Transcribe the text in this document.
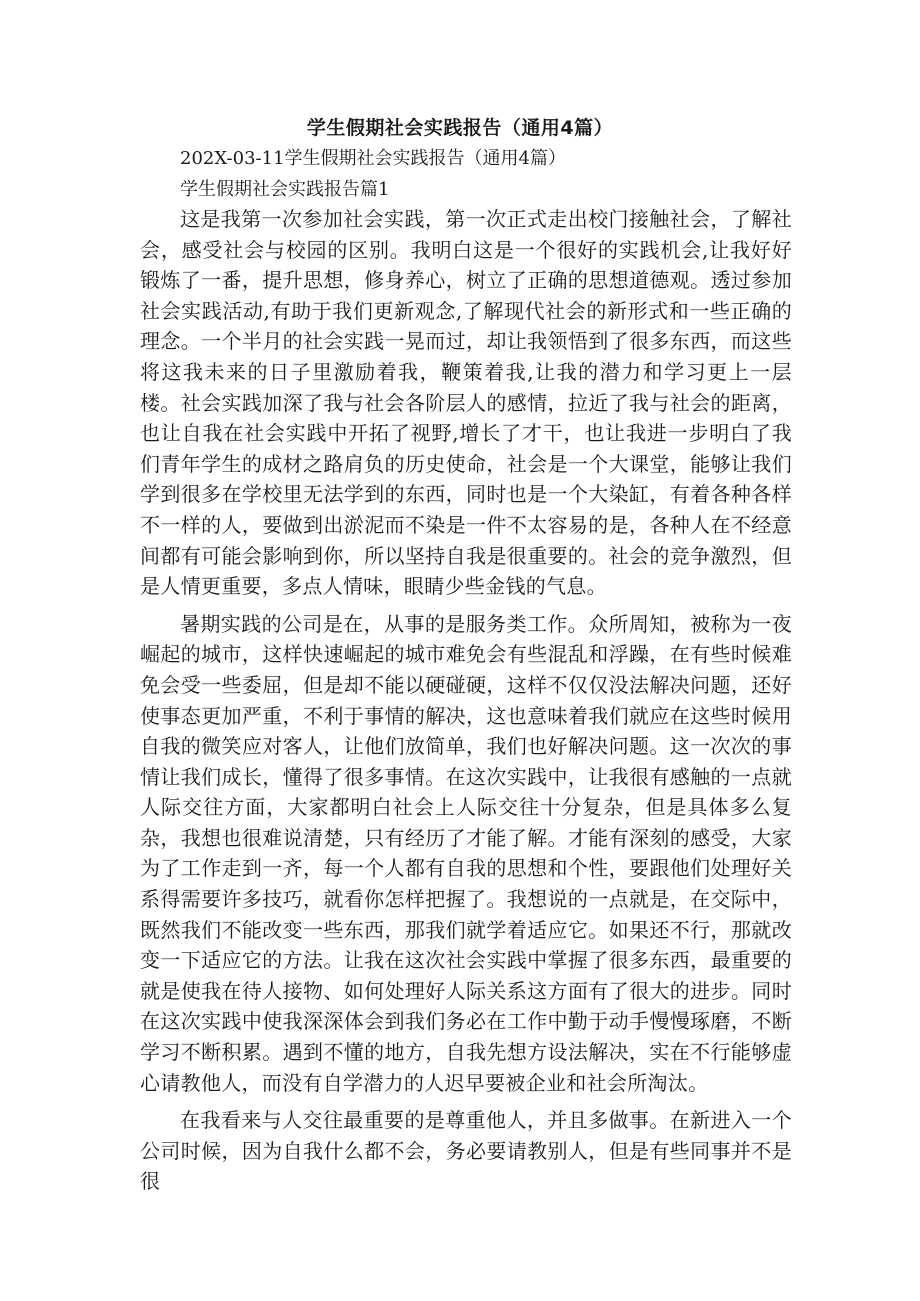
学生假期社会实践报告（通用4篇）

202X-03-11学生假期社会实践报告（通用4篇）

学生假期社会实践报告篇1

这是我第一次参加社会实践，第一次正式走出校门接触社会，了解社会，感受社会与校园的区别。我明白这是一个很好的实践机会,让我好好锻炼了一番，提升思想，修身养心，树立了正确的思想道德观。透过参加社会实践活动,有助于我们更新观念,了解现代社会的新形式和一些正确的理念。一个半月的社会实践一晃而过，却让我领悟到了很多东西，而这些将这我未来的日子里激励着我，鞭策着我,让我的潜力和学习更上一层楼。社会实践加深了我与社会各阶层人的感情，拉近了我与社会的距离，也让自我在社会实践中开拓了视野,增长了才干，也让我进一步明白了我们青年学生的成材之路肩负的历史使命，社会是一个大课堂，能够让我们学到很多在学校里无法学到的东西，同时也是一个大染缸，有着各种各样不一样的人，要做到出淤泥而不染是一件不太容易的是，各种人在不经意间都有可能会影响到你，所以坚持自我是很重要的。社会的竞争激烈，但是人情更重要，多点人情味，眼睛少些金钱的气息。

暑期实践的公司是在，从事的是服务类工作。众所周知，被称为一夜崛起的城市，这样快速崛起的城市难免会有些混乱和浮躁，在有些时候难免会受一些委屈，但是却不能以硬碰硬，这样不仅仅没法解决问题，还好使事态更加严重，不利于事情的解决，这也意味着我们就应在这些时候用自我的微笑应对客人，让他们放简单，我们也好解决问题。这一次次的事情让我们成长，懂得了很多事情。在这次实践中，让我很有感触的一点就人际交往方面，大家都明白社会上人际交往十分复杂，但是具体多么复杂，我想也很难说清楚，只有经历了才能了解。才能有深刻的感受，大家为了工作走到一齐，每一个人都有自我的思想和个性，要跟他们处理好关系得需要许多技巧，就看你怎样把握了。我想说的一点就是，在交际中，既然我们不能改变一些东西，那我们就学着适应它。如果还不行，那就改变一下适应它的方法。让我在这次社会实践中掌握了很多东西，最重要的就是使我在待人接物、如何处理好人际关系这方面有了很大的进步。同时在这次实践中使我深深体会到我们务必在工作中勤于动手慢慢琢磨，不断学习不断积累。遇到不懂的地方，自我先想方设法解决，实在不行能够虚心请教他人，而没有自学潜力的人迟早要被企业和社会所淘汰。

在我看来与人交往最重要的是尊重他人，并且多做事。在新进入一个公司时候，因为自我什么都不会，务必要请教别人，但是有些同事并不是很
